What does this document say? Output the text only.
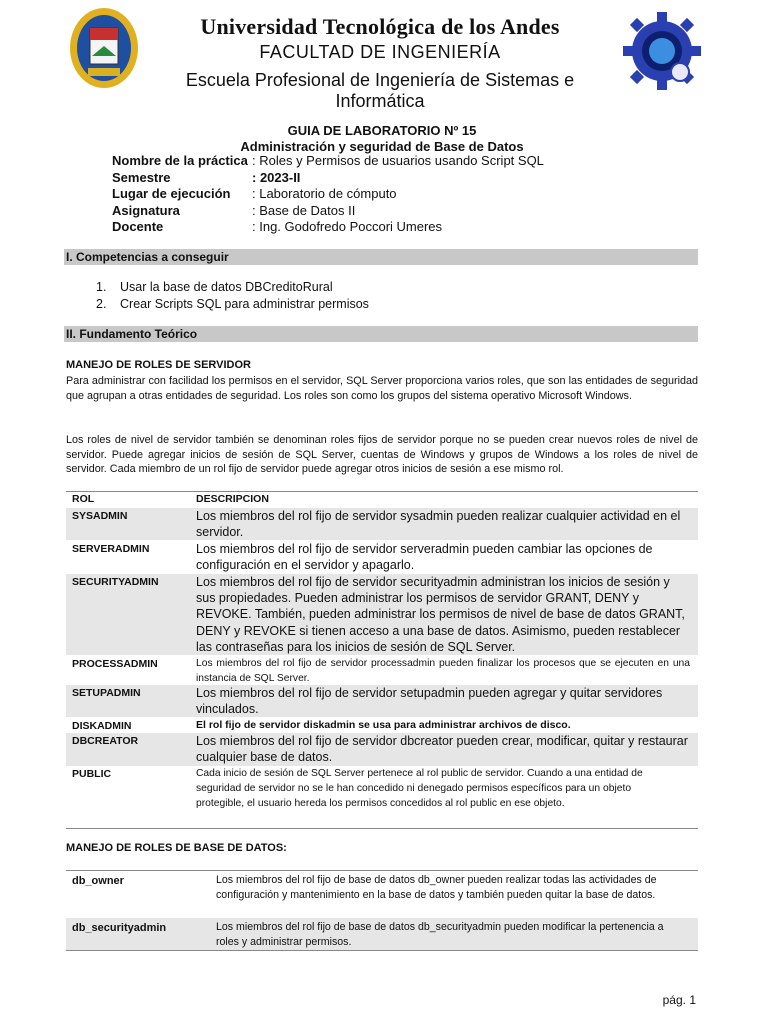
Universidad Tecnológica de los Andes
FACULTAD DE INGENIERÍA
Escuela Profesional de Ingeniería de Sistemas e Informática
GUIA DE LABORATORIO Nº 15
Administración y seguridad de Base de Datos
Nombre de la práctica : Roles y Permisos de usuarios usando Script SQL
Semestre	: 2023-II
Lugar de ejecución	: Laboratorio de cómputo
Asignatura	: Base de Datos II
Docente	: Ing. Godofredo Poccori Umeres
I. Competencias a conseguir
1.	Usar la base de datos DBCreditoRural
2.	Crear Scripts SQL para administrar permisos
II. Fundamento Teórico
MANEJO DE ROLES DE SERVIDOR
Para administrar con facilidad los permisos en el servidor, SQL Server proporciona varios roles, que son las entidades de seguridad que agrupan a otras entidades de seguridad. Los roles son como los grupos del sistema operativo Microsoft Windows.
Los roles de nivel de servidor también se denominan roles fijos de servidor porque no se pueden crear nuevos roles de nivel de servidor. Puede agregar inicios de sesión de SQL Server, cuentas de Windows y grupos de Windows a los roles de nivel de servidor. Cada miembro de un rol fijo de servidor puede agregar otros inicios de sesión a ese mismo rol.
ROL	DESCRIPCION
SYSADMIN	Los miembros del rol fijo de servidor sysadmin pueden realizar cualquier actividad en el servidor.
SERVERADMIN	Los miembros del rol fijo de servidor serveradmin pueden cambiar las opciones de configuración en el servidor y apagarlo.
SECURITYADMIN	Los miembros del rol fijo de servidor securityadmin administran los inicios de sesión y sus propiedades. Pueden administrar los permisos de servidor GRANT, DENY y REVOKE. También, pueden administrar los permisos de nivel de base de datos GRANT, DENY y REVOKE si tienen acceso a una base de datos. Asimismo, pueden restablecer las contraseñas para los inicios de sesión de SQL Server.
PROCESSADMIN	Los miembros del rol fijo de servidor processadmin pueden finalizar los procesos que se ejecuten en una instancia de SQL Server.
SETUPADMIN	Los miembros del rol fijo de servidor setupadmin pueden agregar y quitar servidores vinculados.
DISKADMIN	El rol fijo de servidor diskadmin se usa para administrar archivos de disco.
DBCREATOR	Los miembros del rol fijo de servidor dbcreator pueden crear, modificar, quitar y restaurar cualquier base de datos.
PUBLIC	Cada inicio de sesión de SQL Server pertenece al rol public de servidor. Cuando a una entidad de seguridad de servidor no se le han concedido ni denegado permisos específicos para un objeto
protegible, el usuario hereda los permisos concedidos al rol public en ese objeto.
MANEJO DE ROLES DE BASE DE DATOS:
db_owner	Los miembros del rol fijo de base de datos db_owner pueden realizar todas las actividades de configuración y mantenimiento en la base de datos y también pueden quitar la base de datos.
db_securityadmin	Los miembros del rol fijo de base de datos db_securityadmin pueden modificar la pertenencia a roles y administrar permisos.
pág. 1
